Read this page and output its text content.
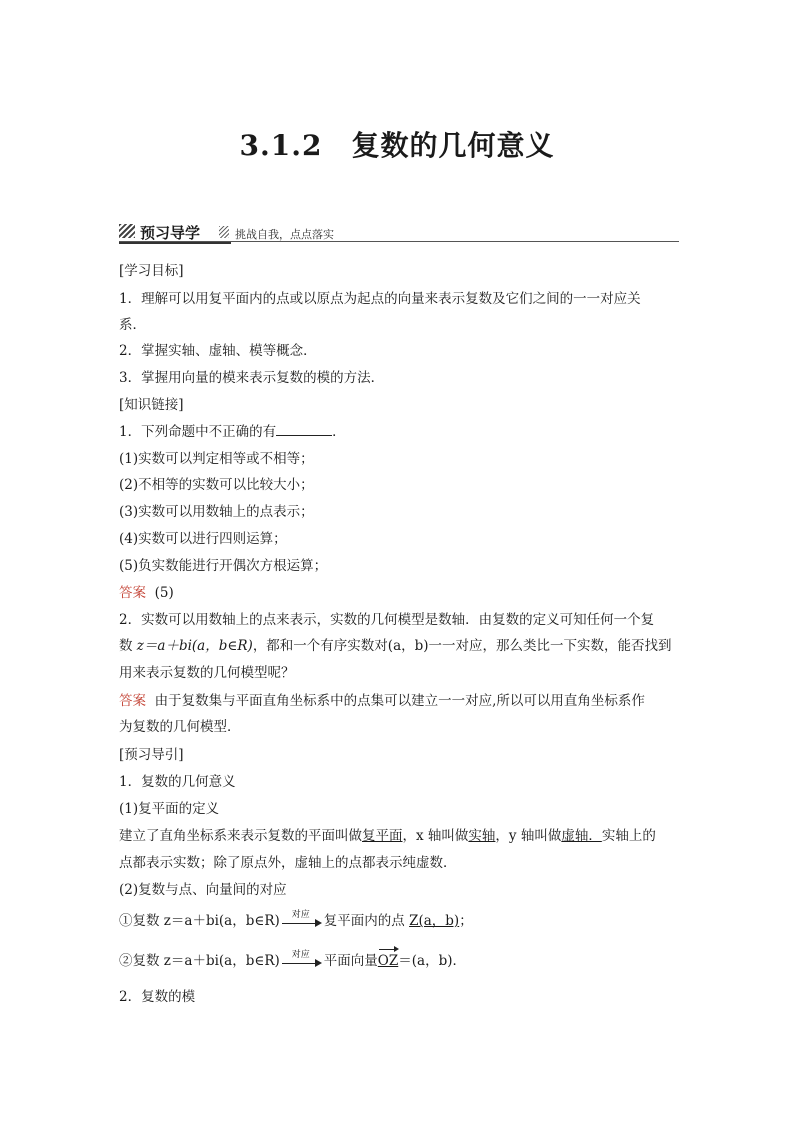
3.1.2　复数的几何意义
预习导学	挑战自我，点点落实
[学习目标]
1．理解可以用复平面内的点或以原点为起点的向量来表示复数及它们之间的一一对应关
系．
2．掌握实轴、虚轴、模等概念．
3．掌握用向量的模来表示复数的模的方法．
[知识链接]
1．下列命题中不正确的有	．
(1)实数可以判定相等或不相等；
(2)不相等的实数可以比较大小；
(3)实数可以用数轴上的点表示；
(4)实数可以进行四则运算；
(5)负实数能进行开偶次方根运算；
答案 (5)
2．实数可以用数轴上的点来表示，实数的几何模型是数轴．由复数的定义可知任何一个复
数 z＝a＋bi(a，b∈R)，都和一个有序实数对(a，b)一一对应，那么类比一下实数，能否找到
用来表示复数的几何模型呢？
答案 由于复数集与平面直角坐标系中的点集可以建立一一对应,所以可以用直角坐标系作
为复数的几何模型．
[预习导引]
1．复数的几何意义
(1)复平面的定义
建立了直角坐标系来表示复数的平面叫做复平面，x 轴叫做实轴，y 轴叫做虚轴．实轴上的
点都表示实数；除了原点外，虚轴上的点都表示纯虚数．
(2)复数与点、向量间的对应
①复数 z＝a＋bi(a，b∈R) 对应 复平面内的点 Z(a，b)；
②复数 z＝a＋bi(a，b∈R) 对应 平面向量OZ＝(a，b)．
2．复数的模
